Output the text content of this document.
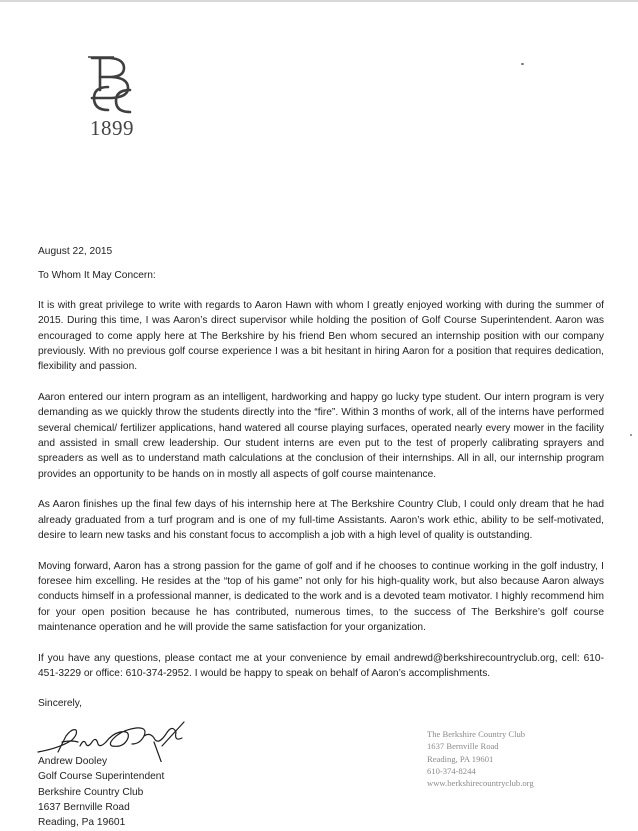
1899

August 22, 2015

To Whom It May Concern:

It is with great privilege to write with regards to Aaron Hawn with whom I greatly enjoyed working with during the summer of 2015. During this time, I was Aaron’s direct supervisor while holding the position of Golf Course Superintendent. Aaron was encouraged to come apply here at The Berkshire by his friend Ben whom secured an internship position with our company previously. With no previous golf course experience I was a bit hesitant in hiring Aaron for a position that requires dedication, flexibility and passion.

Aaron entered our intern program as an intelligent, hardworking and happy go lucky type student. Our intern program is very demanding as we quickly throw the students directly into the “fire”. Within 3 months of work, all of the interns have performed several chemical/ fertilizer applications, hand watered all course playing surfaces, operated nearly every mower in the facility and assisted in small crew leadership. Our student interns are even put to the test of properly calibrating sprayers and spreaders as well as to understand math calculations at the conclusion of their internships. All in all, our internship program provides an opportunity to be hands on in mostly all aspects of golf course maintenance.

As Aaron finishes up the final few days of his internship here at The Berkshire Country Club, I could only dream that he had already graduated from a turf program and is one of my full-time Assistants. Aaron’s work ethic, ability to be self-motivated, desire to learn new tasks and his constant focus to accomplish a job with a high level of quality is outstanding.

Moving forward, Aaron has a strong passion for the game of golf and if he chooses to continue working in the golf industry, I foresee him excelling. He resides at the “top of his game” not only for his high-quality work, but also because Aaron always conducts himself in a professional manner, is dedicated to the work and is a devoted team motivator. I highly recommend him for your open position because he has contributed, numerous times, to the success of The Berkshire’s golf course maintenance operation and he will provide the same satisfaction for your organization.

If you have any questions, please contact me at your convenience by email andrewd@berkshirecountryclub.org, cell: 610-451-3229 or office: 610-374-2952. I would be happy to speak on behalf of Aaron’s accomplishments.

Sincerely,

Andrew Dooley

Golf Course Superintendent

Berkshire Country Club

1637 Bernville Road

Reading, Pa 19601

The Berkshire Country Club

1637 Bernville Road

Reading, PA 19601

610-374-8244

www.berkshirecountryclub.org
